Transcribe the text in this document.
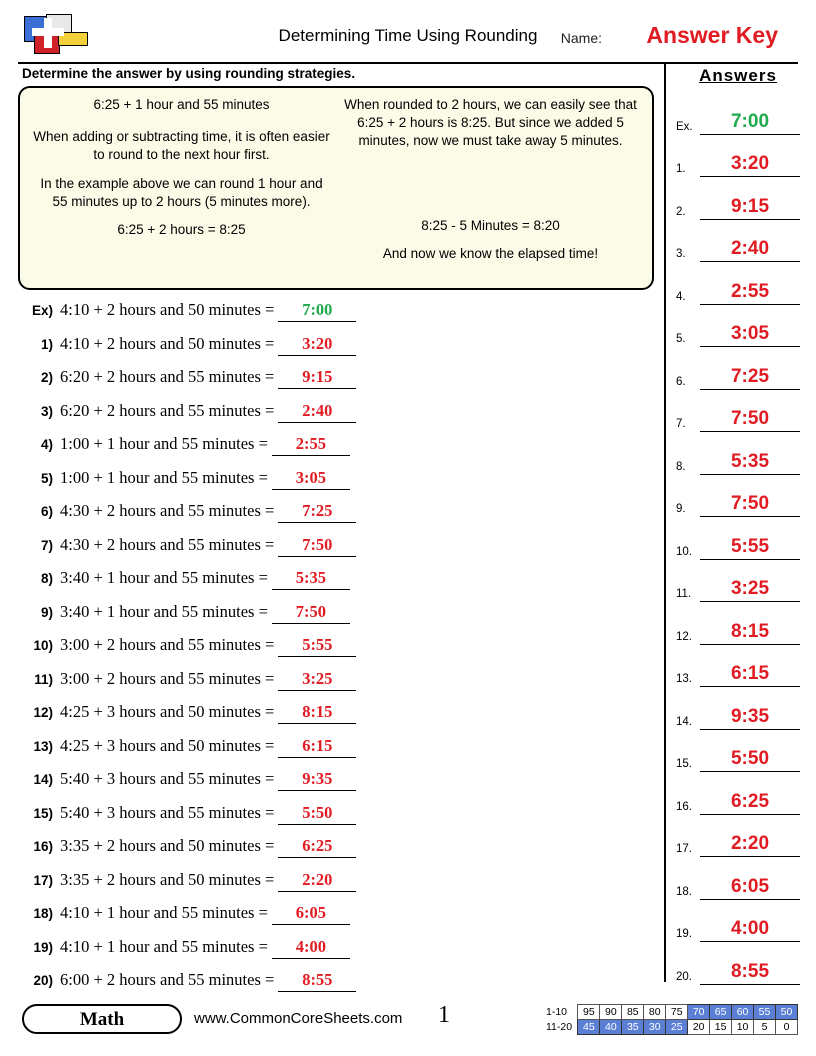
Determining Time Using Rounding	Name: Answer Key
Determine the answer by using rounding strategies.

6:25 + 1 hour and 55 minutes

When adding or subtracting time, it is often easier to round to the next hour first.

In the example above we can round 1 hour and 55 minutes up to 2 hours (5 minutes more).

6:25 + 2 hours = 8:25

When rounded to 2 hours, we can easily see that 6:25 + 2 hours is 8:25. But since we added 5 minutes, now we must take away 5 minutes.

8:25 - 5 Minutes = 8:20

And now we know the elapsed time!

Ex) 4:10 + 2 hours and 50 minutes =	7:00
1) 4:10 + 2 hours and 50 minutes =	3:20
2) 6:20 + 2 hours and 55 minutes =	9:15
3) 6:20 + 2 hours and 55 minutes =	2:40
4) 1:00 + 1 hour and 55 minutes =	2:55
5) 1:00 + 1 hour and 55 minutes =	3:05
6) 4:30 + 2 hours and 55 minutes =	7:25
7) 4:30 + 2 hours and 55 minutes =	7:50
8) 3:40 + 1 hour and 55 minutes =	5:35
9) 3:40 + 1 hour and 55 minutes =	7:50
10) 3:00 + 2 hours and 55 minutes =	5:55
11) 3:00 + 2 hours and 55 minutes =	3:25
12) 4:25 + 3 hours and 50 minutes =	8:15
13) 4:25 + 3 hours and 50 minutes =	6:15
14) 5:40 + 3 hours and 55 minutes =	9:35
15) 5:40 + 3 hours and 55 minutes =	5:50
16) 3:35 + 2 hours and 50 minutes =	6:25
17) 3:35 + 2 hours and 50 minutes =	2:20
18) 4:10 + 1 hour and 55 minutes =	6:05
19) 4:10 + 1 hour and 55 minutes =	4:00
20) 6:00 + 2 hours and 55 minutes =	8:55
Answers
Ex.	7:00
1.	3:20
2.	9:15
3.	2:40
4.	2:55
5.	3:05
6.	7:25
7.	7:50
8.	5:35
9.	7:50
10.	5:55
11.	3:25
12.	8:15
13.	6:15
14.	9:35
15.	5:50
16.	6:25
17.	2:20
18.	6:05
19.	4:00
20.	8:55
Math	www.CommonCoreSheets.com 1	1-10	95	90	85	80	75	70	65	60	55	50
11-20	45	40	35	30	25	20	15	10	5	0
